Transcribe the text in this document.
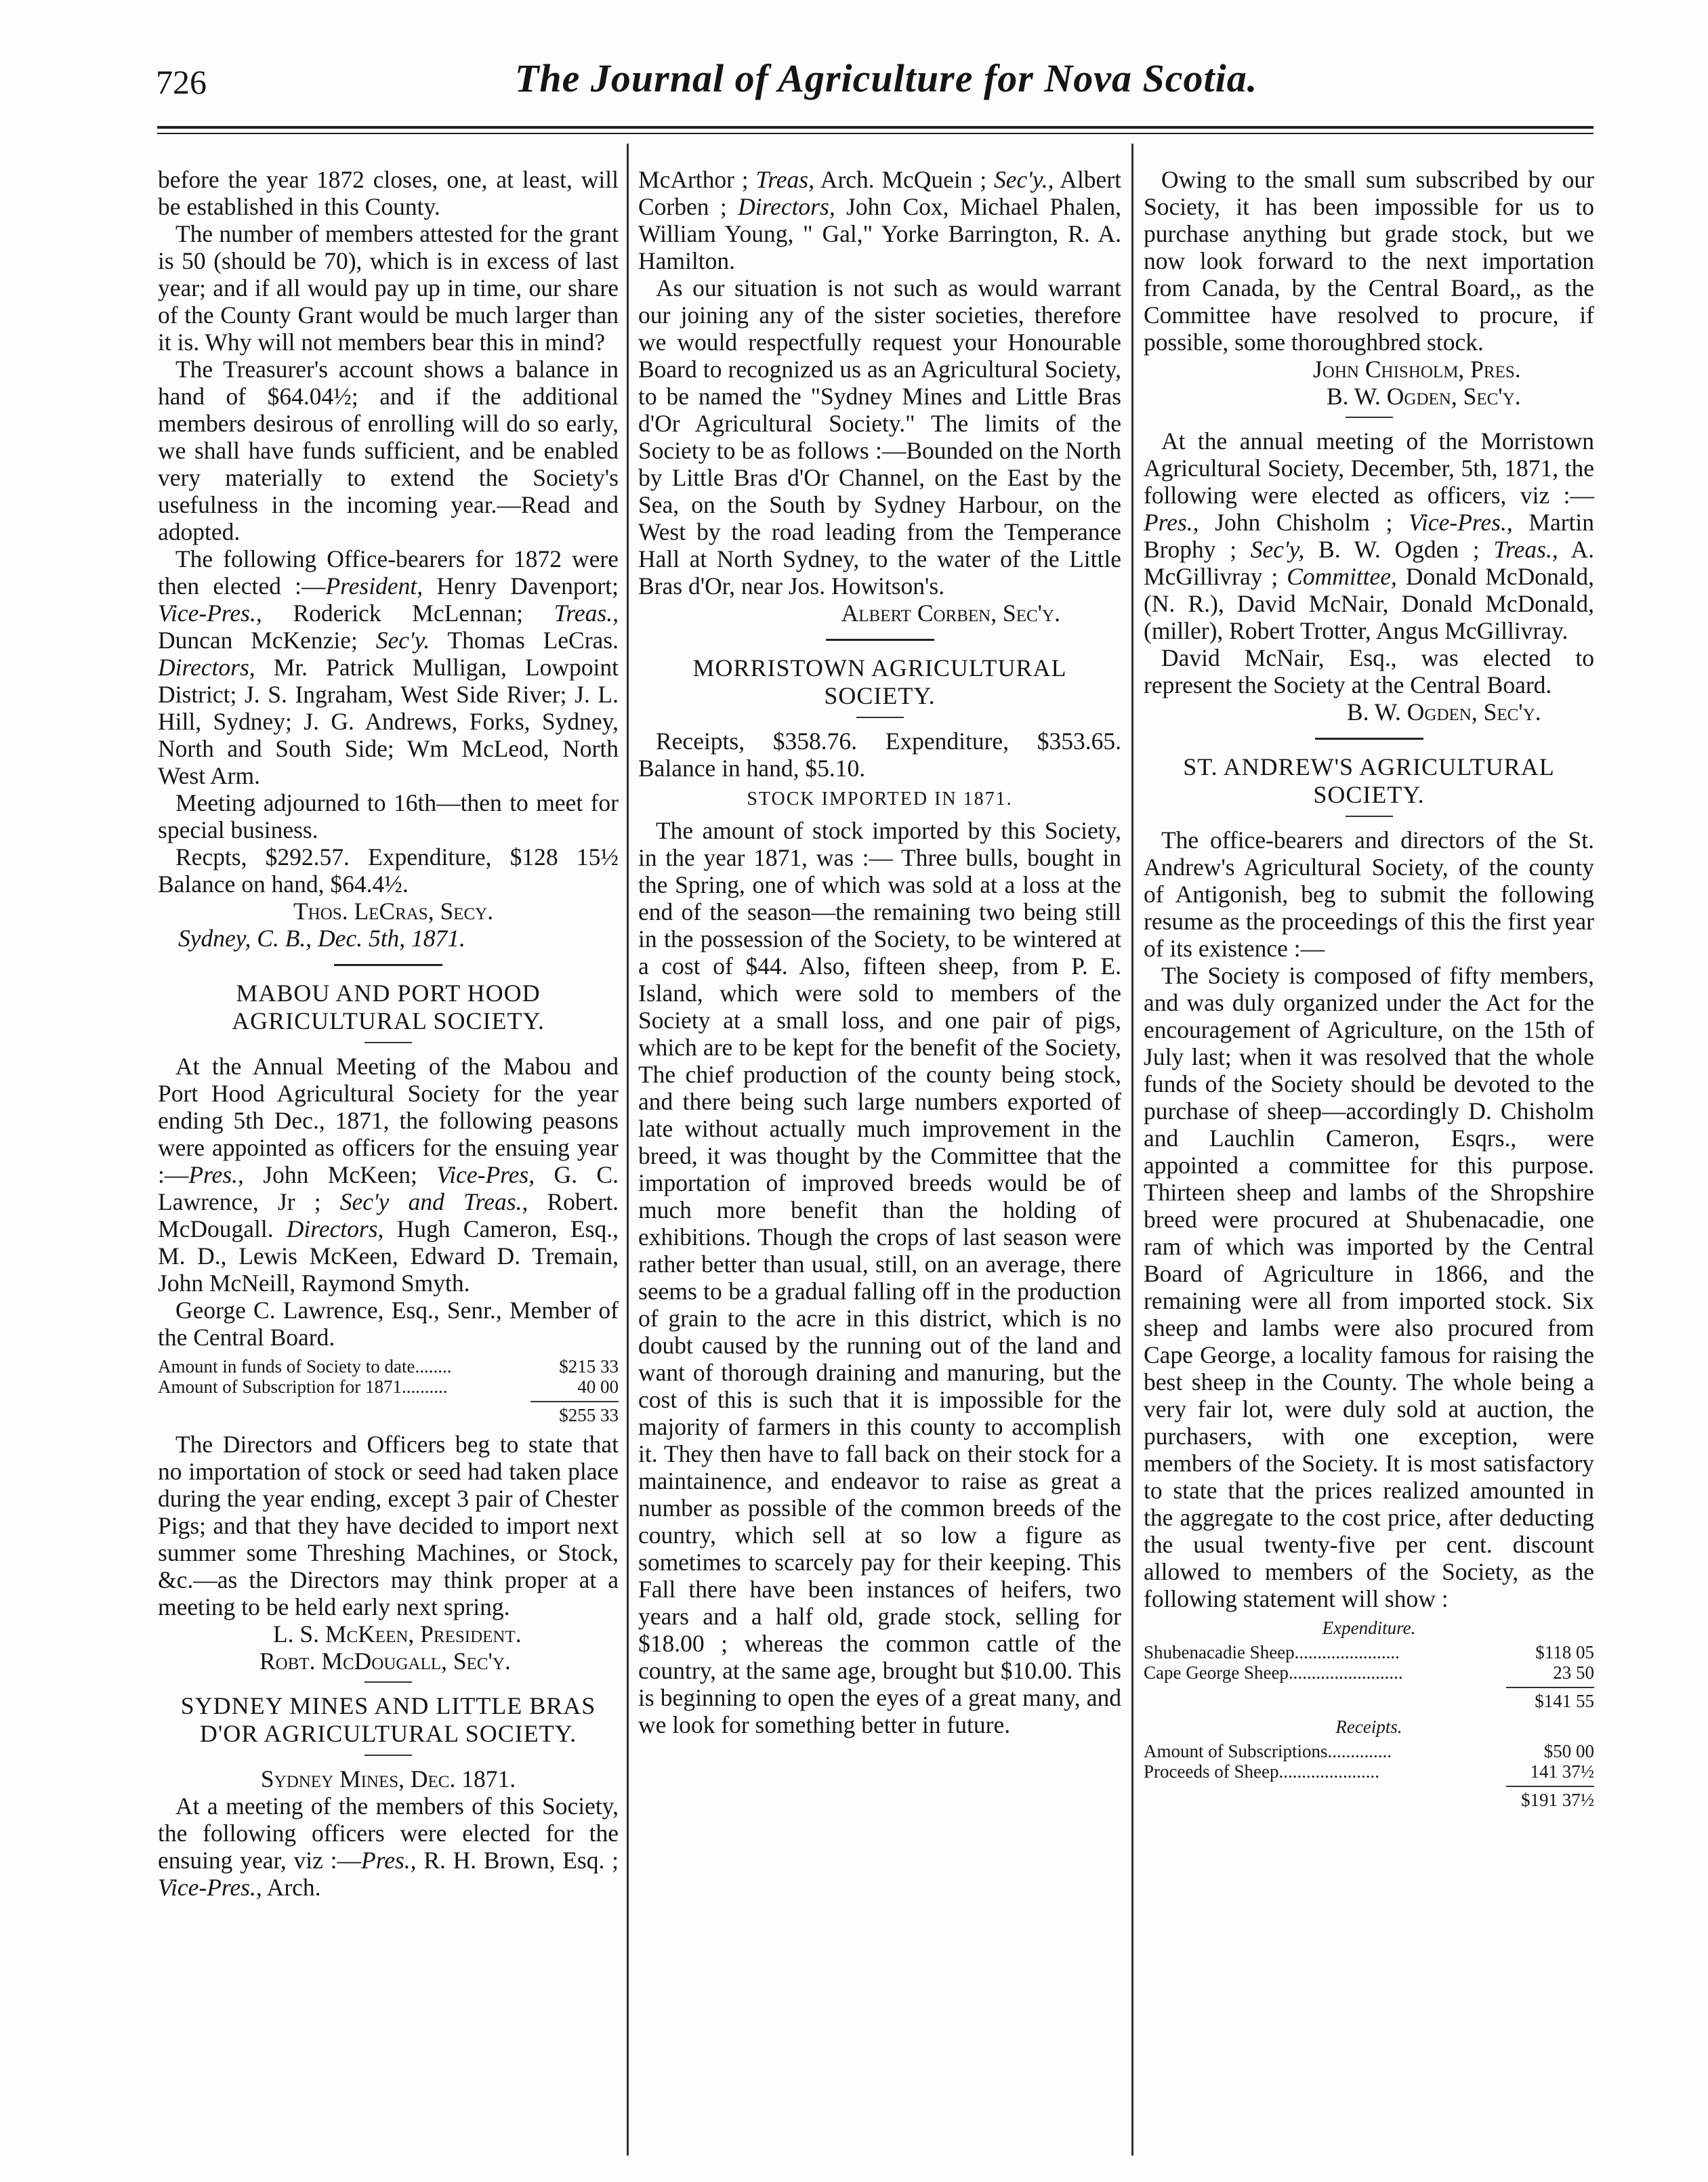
726	The Journal of Agriculture for Nova Scotia.

before the year 1872 closes, one, at least, will be established in this County.

The number of members attested for the grant is 50 (should be 70), which is in excess of last year; and if all would pay up in time, our share of the County Grant would be much larger than it is. Why will not members bear this in mind?

The Treasurer's account shows a balance in hand of $64.04½; and if the additional members desirous of enrolling will do so early, we shall have funds sufficient, and be enabled very materially to extend the Society's usefulness in the incoming year.—Read and adopted.

The following Office-bearers for 1872 were then elected :—President, Henry Davenport; Vice-Pres., Roderick McLennan; Treas., Duncan McKenzie; Sec'y. Thomas LeCras. Directors, Mr. Patrick Mulligan, Lowpoint District; J. S. Ingraham, West Side River; J. L. Hill, Sydney; J. G. Andrews, Forks, Sydney, North and South Side; Wm McLeod, North West Arm.

Meeting adjourned to 16th—then to meet for special business.

Recpts, $292.57. Expenditure, $128 15½ Balance on hand, $64.4½.

Thos. LeCras, Secy.

Sydney, C. B., Dec. 5th, 1871.

MABOU AND PORT HOOD AGRICULTURAL SOCIETY.

At the Annual Meeting of the Mabou and Port Hood Agricultural Society for the year ending 5th Dec., 1871, the following peasons were appointed as officers for the ensuing year :—Pres., John McKeen; Vice-Pres, G. C. Lawrence, Jr ; Sec'y and Treas., Robert. McDougall. Directors, Hugh Cameron, Esq., M. D., Lewis McKeen, Edward D. Tremain, John McNeill, Raymond Smyth.

George C. Lawrence, Esq., Senr., Member of the Central Board.

Amount in funds of Society to date........	$215 33
Amount of Subscription for 1871..........	40 00
$255 33

The Directors and Officers beg to state that no importation of stock or seed had taken place during the year ending, except 3 pair of Chester Pigs; and that they have decided to import next summer some Threshing Machines, or Stock, &c.—as the Directors may think proper at a meeting to be held early next spring.

L. S. McKeen, President.

Robt. McDougall, Sec'y.

SYDNEY MINES AND LITTLE BRAS D'OR AGRICULTURAL SOCIETY.

Sydney Mines, Dec. 1871.

At a meeting of the members of this Society, the following officers were elected for the ensuing year, viz :—Pres., R. H. Brown, Esq. ; Vice-Pres., Arch.

McArthor ; Treas, Arch. McQuein ; Sec'y., Albert Corben ; Directors, John Cox, Michael Phalen, William Young, " Gal," Yorke Barrington, R. A. Hamilton.

As our situation is not such as would warrant our joining any of the sister societies, therefore we would respectfully request your Honourable Board to recognized us as an Agricultural Society, to be named the "Sydney Mines and Little Bras d'Or Agricultural Society." The limits of the Society to be as follows :—Bounded on the North by Little Bras d'Or Channel, on the East by the Sea, on the South by Sydney Harbour, on the West by the road leading from the Temperance Hall at North Sydney, to the water of the Little Bras d'Or, near Jos. Howitson's.

Albert Corben, Sec'y.

MORRISTOWN AGRICULTURAL SOCIETY.

Receipts, $358.76. Expenditure, $353.65. Balance in hand, $5.10.

STOCK IMPORTED IN 1871.

The amount of stock imported by this Society, in the year 1871, was :— Three bulls, bought in the Spring, one of which was sold at a loss at the end of the season—the remaining two being still in the possession of the Society, to be wintered at a cost of $44. Also, fifteen sheep, from P. E. Island, which were sold to members of the Society at a small loss, and one pair of pigs, which are to be kept for the benefit of the Society, The chief production of the county being stock, and there being such large numbers exported of late without actually much improvement in the breed, it was thought by the Committee that the importation of improved breeds would be of much more benefit than the holding of exhibitions. Though the crops of last season were rather better than usual, still, on an average, there seems to be a gradual falling off in the production of grain to the acre in this district, which is no doubt caused by the running out of the land and want of thorough draining and manuring, but the cost of this is such that it is impossible for the majority of farmers in this county to accomplish it. They then have to fall back on their stock for a maintainence, and endeavor to raise as great a number as possible of the common breeds of the country, which sell at so low a figure as sometimes to scarcely pay for their keeping. This Fall there have been instances of heifers, two years and a half old, grade stock, selling for $18.00 ; whereas the common cattle of the country, at the same age, brought but $10.00. This is beginning to open the eyes of a great many, and we look for something better in future.

Owing to the small sum subscribed by our Society, it has been impossible for us to purchase anything but grade stock, but we now look forward to the next importation from Canada, by the Central Board,, as the Committee have resolved to procure, if possible, some thoroughbred stock.

John Chisholm, Pres.

B. W. Ogden, Sec'y.

At the annual meeting of the Morristown Agricultural Society, December, 5th, 1871, the following were elected as officers, viz :—Pres., John Chisholm ; Vice-Pres., Martin Brophy ; Sec'y, B. W. Ogden ; Treas., A. McGillivray ; Committee, Donald McDonald, (N. R.), David McNair, Donald McDonald, (miller), Robert Trotter, Angus McGillivray.

David McNair, Esq., was elected to represent the Society at the Central Board.

B. W. Ogden, Sec'y.

ST. ANDREW'S AGRICULTURAL SOCIETY.

The office-bearers and directors of the St. Andrew's Agricultural Society, of the county of Antigonish, beg to submit the following resume as the proceedings of this the first year of its existence :—

The Society is composed of fifty members, and was duly organized under the Act for the encouragement of Agriculture, on the 15th of July last; when it was resolved that the whole funds of the Society should be devoted to the purchase of sheep—accordingly D. Chisholm and Lauchlin Cameron, Esqrs., were appointed a committee for this purpose. Thirteen sheep and lambs of the Shropshire breed were procured at Shubenacadie, one ram of which was imported by the Central Board of Agriculture in 1866, and the remaining were all from imported stock. Six sheep and lambs were also procured from Cape George, a locality famous for raising the best sheep in the County. The whole being a very fair lot, were duly sold at auction, the purchasers, with one exception, were members of the Society. It is most satisfactory to state that the prices realized amounted in the aggregate to the cost price, after deducting the usual twenty-five per cent. discount allowed to members of the Society, as the following statement will show :

Expenditure.
Shubenacadie Sheep.......................	$118 05
Cape George Sheep.........................	23 50
$141 55
Receipts.
Amount of Subscriptions..............	$50 00
Proceeds of Sheep......................	141 37½
$191 37½
